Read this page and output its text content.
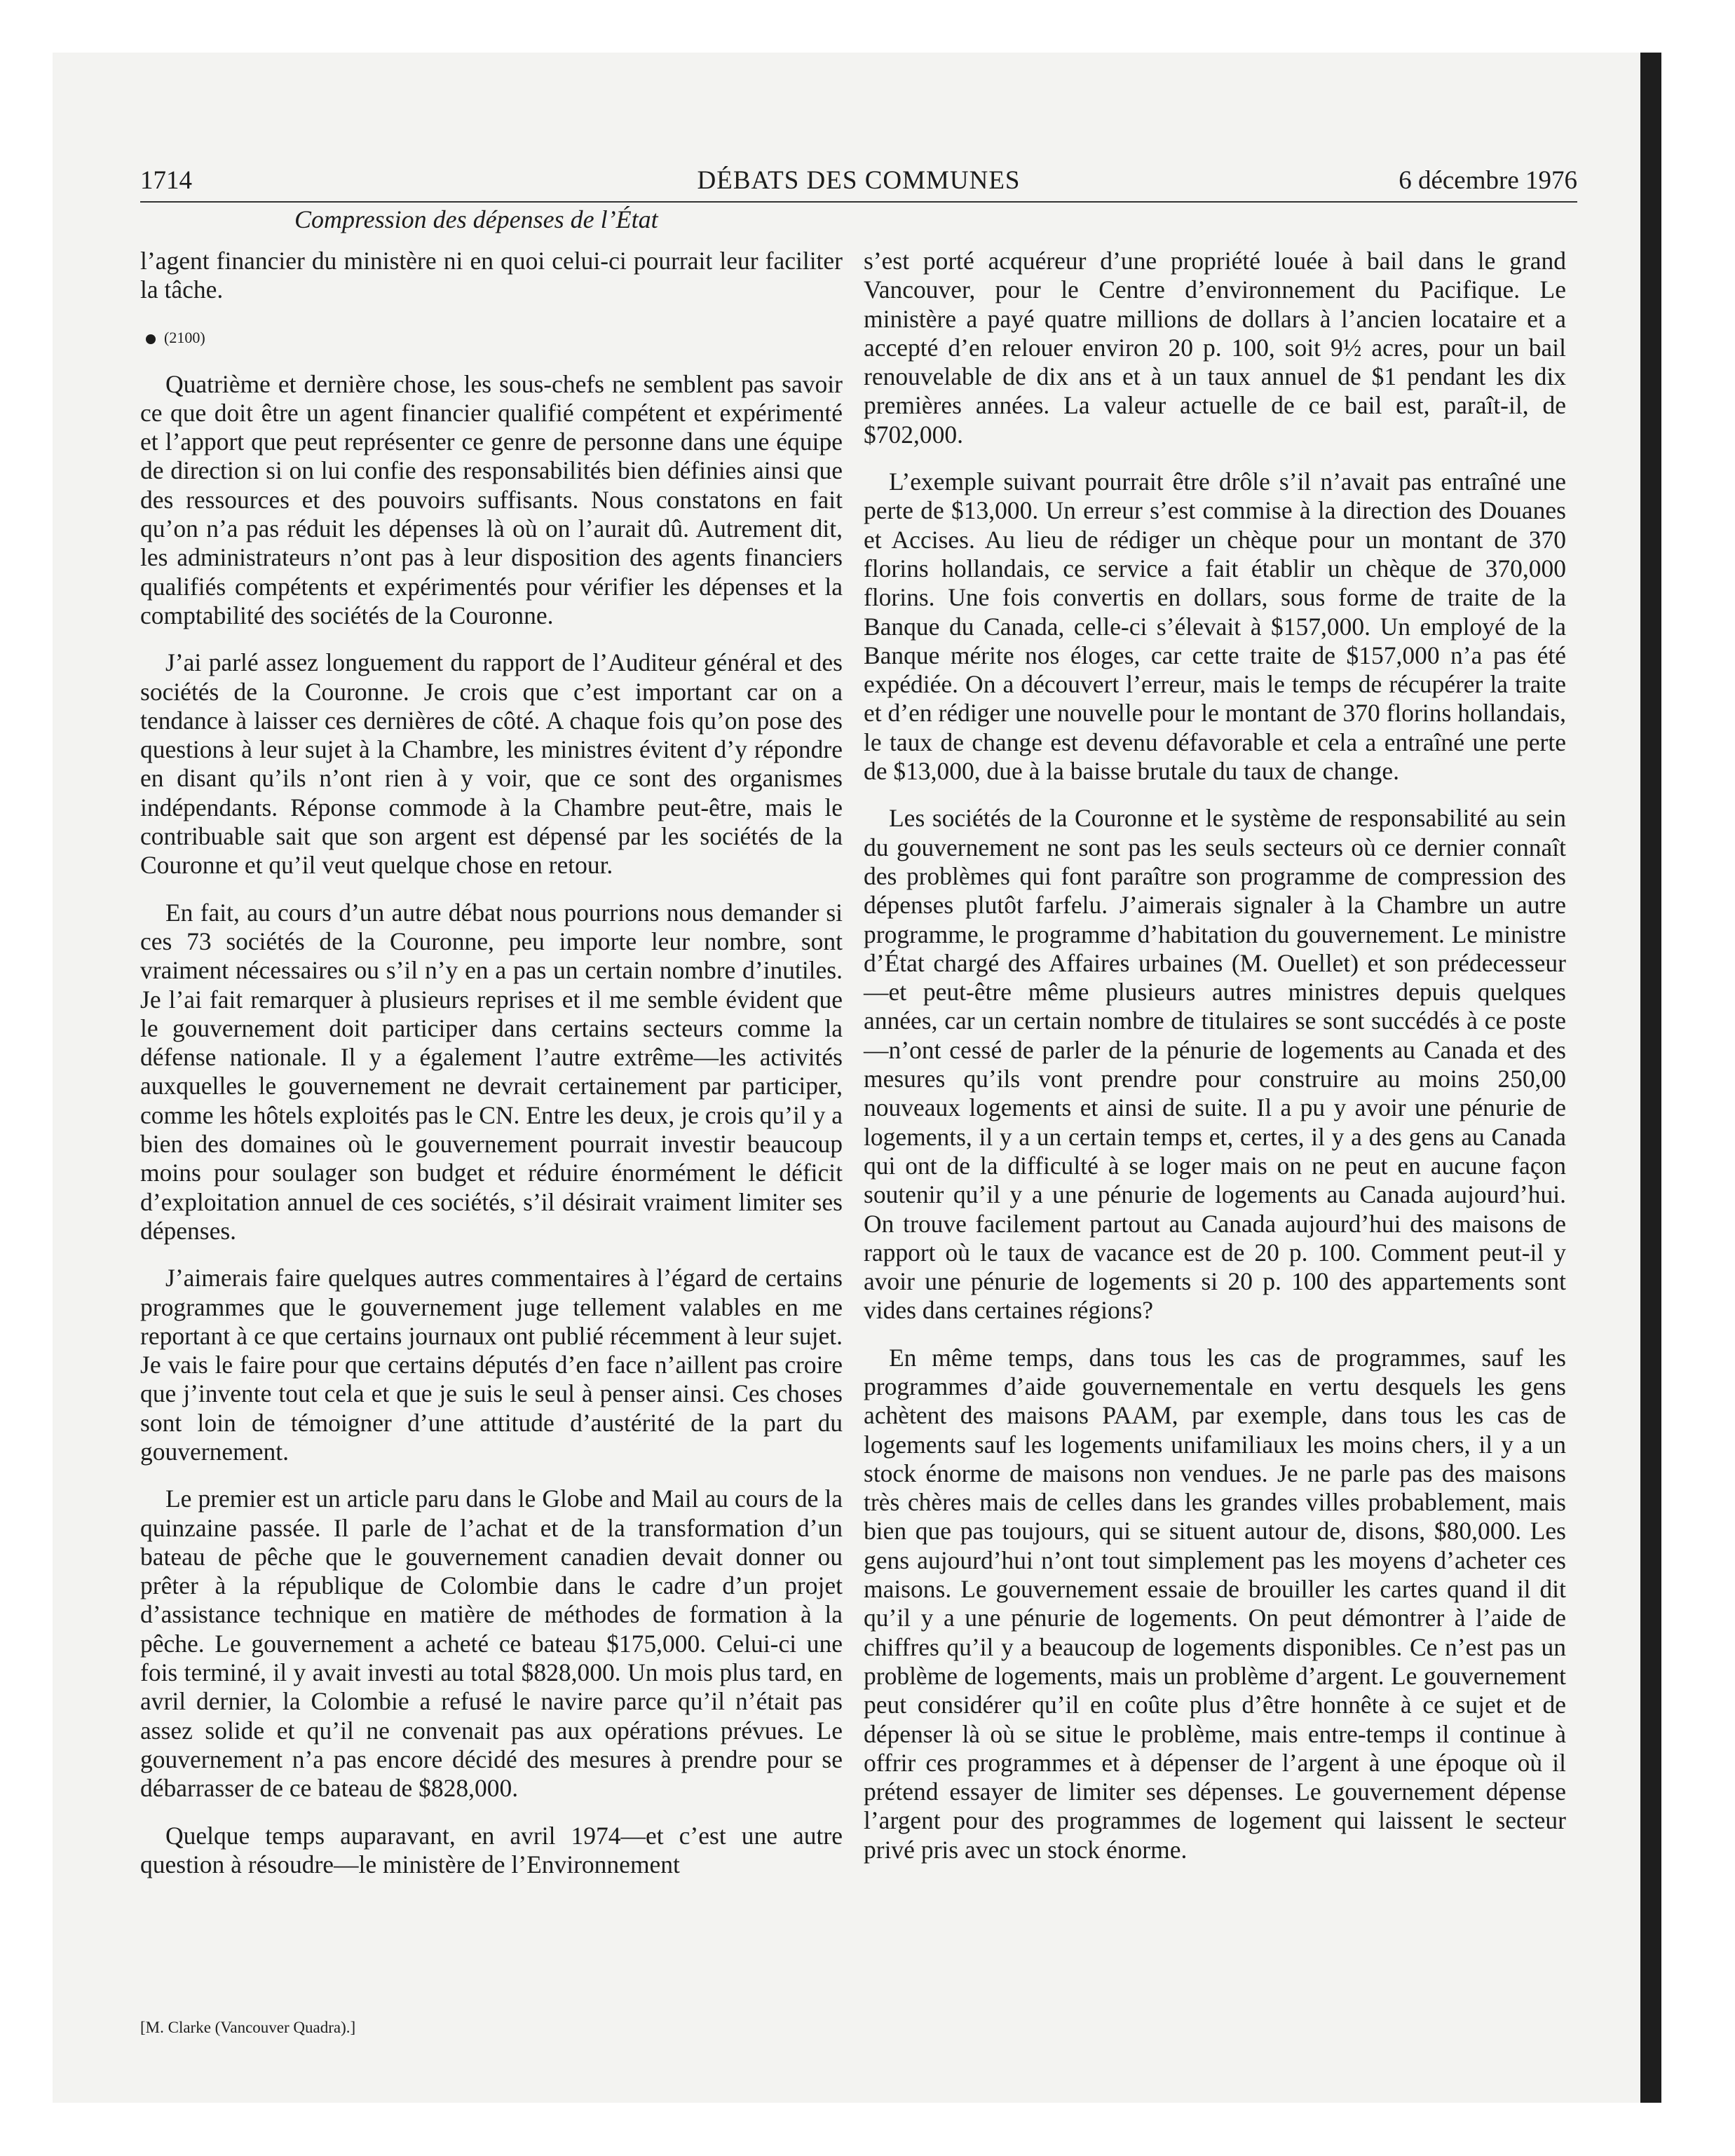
1714	DÉBATS DES COMMUNES	6 décembre 1976
Compression des dépenses de l’État

l’agent financier du ministère ni en quoi celui-ci pourrait leur faciliter la tâche.

(2100)

Quatrième et dernière chose, les sous-chefs ne semblent pas savoir ce que doit être un agent financier qualifié compétent et expérimenté et l’apport que peut représenter ce genre de personne dans une équipe de direction si on lui confie des responsabilités bien définies ainsi que des ressources et des pouvoirs suffisants. Nous constatons en fait qu’on n’a pas réduit les dépenses là où on l’aurait dû. Autrement dit, les administrateurs n’ont pas à leur disposition des agents financiers qualifiés compétents et expérimentés pour vérifier les dépenses et la comptabilité des sociétés de la Couronne.

J’ai parlé assez longuement du rapport de l’Auditeur général et des sociétés de la Couronne. Je crois que c’est important car on a tendance à laisser ces dernières de côté. A chaque fois qu’on pose des questions à leur sujet à la Chambre, les ministres évitent d’y répondre en disant qu’ils n’ont rien à y voir, que ce sont des organismes indépendants. Réponse commode à la Chambre peut-être, mais le contribuable sait que son argent est dépensé par les sociétés de la Couronne et qu’il veut quelque chose en retour.

En fait, au cours d’un autre débat nous pourrions nous demander si ces 73 sociétés de la Couronne, peu importe leur nombre, sont vraiment nécessaires ou s’il n’y en a pas un certain nombre d’inutiles. Je l’ai fait remarquer à plusieurs reprises et il me semble évident que le gouvernement doit participer dans certains secteurs comme la défense nationale. Il y a également l’autre extrême—les activités auxquelles le gouvernement ne devrait certainement par participer, comme les hôtels exploités pas le CN. Entre les deux, je crois qu’il y a bien des domaines où le gouvernement pourrait investir beaucoup moins pour soulager son budget et réduire énormément le déficit d’exploitation annuel de ces sociétés, s’il désirait vraiment limiter ses dépenses.

J’aimerais faire quelques autres commentaires à l’égard de certains programmes que le gouvernement juge tellement valables en me reportant à ce que certains journaux ont publié récemment à leur sujet. Je vais le faire pour que certains députés d’en face n’aillent pas croire que j’invente tout cela et que je suis le seul à penser ainsi. Ces choses sont loin de témoigner d’une attitude d’austérité de la part du gouvernement.

Le premier est un article paru dans le Globe and Mail au cours de la quinzaine passée. Il parle de l’achat et de la transformation d’un bateau de pêche que le gouvernement canadien devait donner ou prêter à la république de Colombie dans le cadre d’un projet d’assistance technique en matière de méthodes de formation à la pêche. Le gouvernement a acheté ce bateau $175,000. Celui-ci une fois terminé, il y avait investi au total $828,000. Un mois plus tard, en avril dernier, la Colombie a refusé le navire parce qu’il n’était pas assez solide et qu’il ne convenait pas aux opérations prévues. Le gouvernement n’a pas encore décidé des mesures à prendre pour se débarrasser de ce bateau de $828,000.

Quelque temps auparavant, en avril 1974—et c’est une autre question à résoudre—le ministère de l’Environnement

s’est porté acquéreur d’une propriété louée à bail dans le grand Vancouver, pour le Centre d’environnement du Pacifique. Le ministère a payé quatre millions de dollars à l’ancien locataire et a accepté d’en relouer environ 20 p. 100, soit 9½ acres, pour un bail renouvelable de dix ans et à un taux annuel de $1 pendant les dix premières années. La valeur actuelle de ce bail est, paraît-il, de $702,000.

L’exemple suivant pourrait être drôle s’il n’avait pas entraîné une perte de $13,000. Un erreur s’est commise à la direction des Douanes et Accises. Au lieu de rédiger un chèque pour un montant de 370 florins hollandais, ce service a fait établir un chèque de 370,000 florins. Une fois convertis en dollars, sous forme de traite de la Banque du Canada, celle-ci s’élevait à $157,000. Un employé de la Banque mérite nos éloges, car cette traite de $157,000 n’a pas été expédiée. On a découvert l’erreur, mais le temps de récupérer la traite et d’en rédiger une nouvelle pour le montant de 370 florins hollandais, le taux de change est devenu défavorable et cela a entraîné une perte de $13,000, due à la baisse brutale du taux de change.

Les sociétés de la Couronne et le système de responsabilité au sein du gouvernement ne sont pas les seuls secteurs où ce dernier connaît des problèmes qui font paraître son programme de compression des dépenses plutôt farfelu. J’aimerais signaler à la Chambre un autre programme, le programme d’habitation du gouvernement. Le ministre d’État chargé des Affaires urbaines (M. Ouellet) et son prédecesseur—et peut-être même plusieurs autres ministres depuis quelques années, car un certain nombre de titulaires se sont succédés à ce poste—n’ont cessé de parler de la pénurie de logements au Canada et des mesures qu’ils vont prendre pour construire au moins 250,00 nouveaux logements et ainsi de suite. Il a pu y avoir une pénurie de logements, il y a un certain temps et, certes, il y a des gens au Canada qui ont de la difficulté à se loger mais on ne peut en aucune façon soutenir qu’il y a une pénurie de logements au Canada aujourd’hui. On trouve facilement partout au Canada aujourd’hui des maisons de rapport où le taux de vacance est de 20 p. 100. Comment peut-il y avoir une pénurie de logements si 20 p. 100 des appartements sont vides dans certaines régions?

En même temps, dans tous les cas de programmes, sauf les programmes d’aide gouvernementale en vertu desquels les gens achètent des maisons PAAM, par exemple, dans tous les cas de logements sauf les logements unifamiliaux les moins chers, il y a un stock énorme de maisons non vendues. Je ne parle pas des maisons très chères mais de celles dans les grandes villes probablement, mais bien que pas toujours, qui se situent autour de, disons, $80,000. Les gens aujourd’hui n’ont tout simplement pas les moyens d’acheter ces maisons. Le gouvernement essaie de brouiller les cartes quand il dit qu’il y a une pénurie de logements. On peut démontrer à l’aide de chiffres qu’il y a beaucoup de logements disponibles. Ce n’est pas un problème de logements, mais un problème d’argent. Le gouvernement peut considérer qu’il en coûte plus d’être honnête à ce sujet et de dépenser là où se situe le problème, mais entre-temps il continue à offrir ces programmes et à dépenser de l’argent à une époque où il prétend essayer de limiter ses dépenses. Le gouvernement dépense l’argent pour des programmes de logement qui laissent le secteur privé pris avec un stock énorme.

[M. Clarke (Vancouver Quadra).]
